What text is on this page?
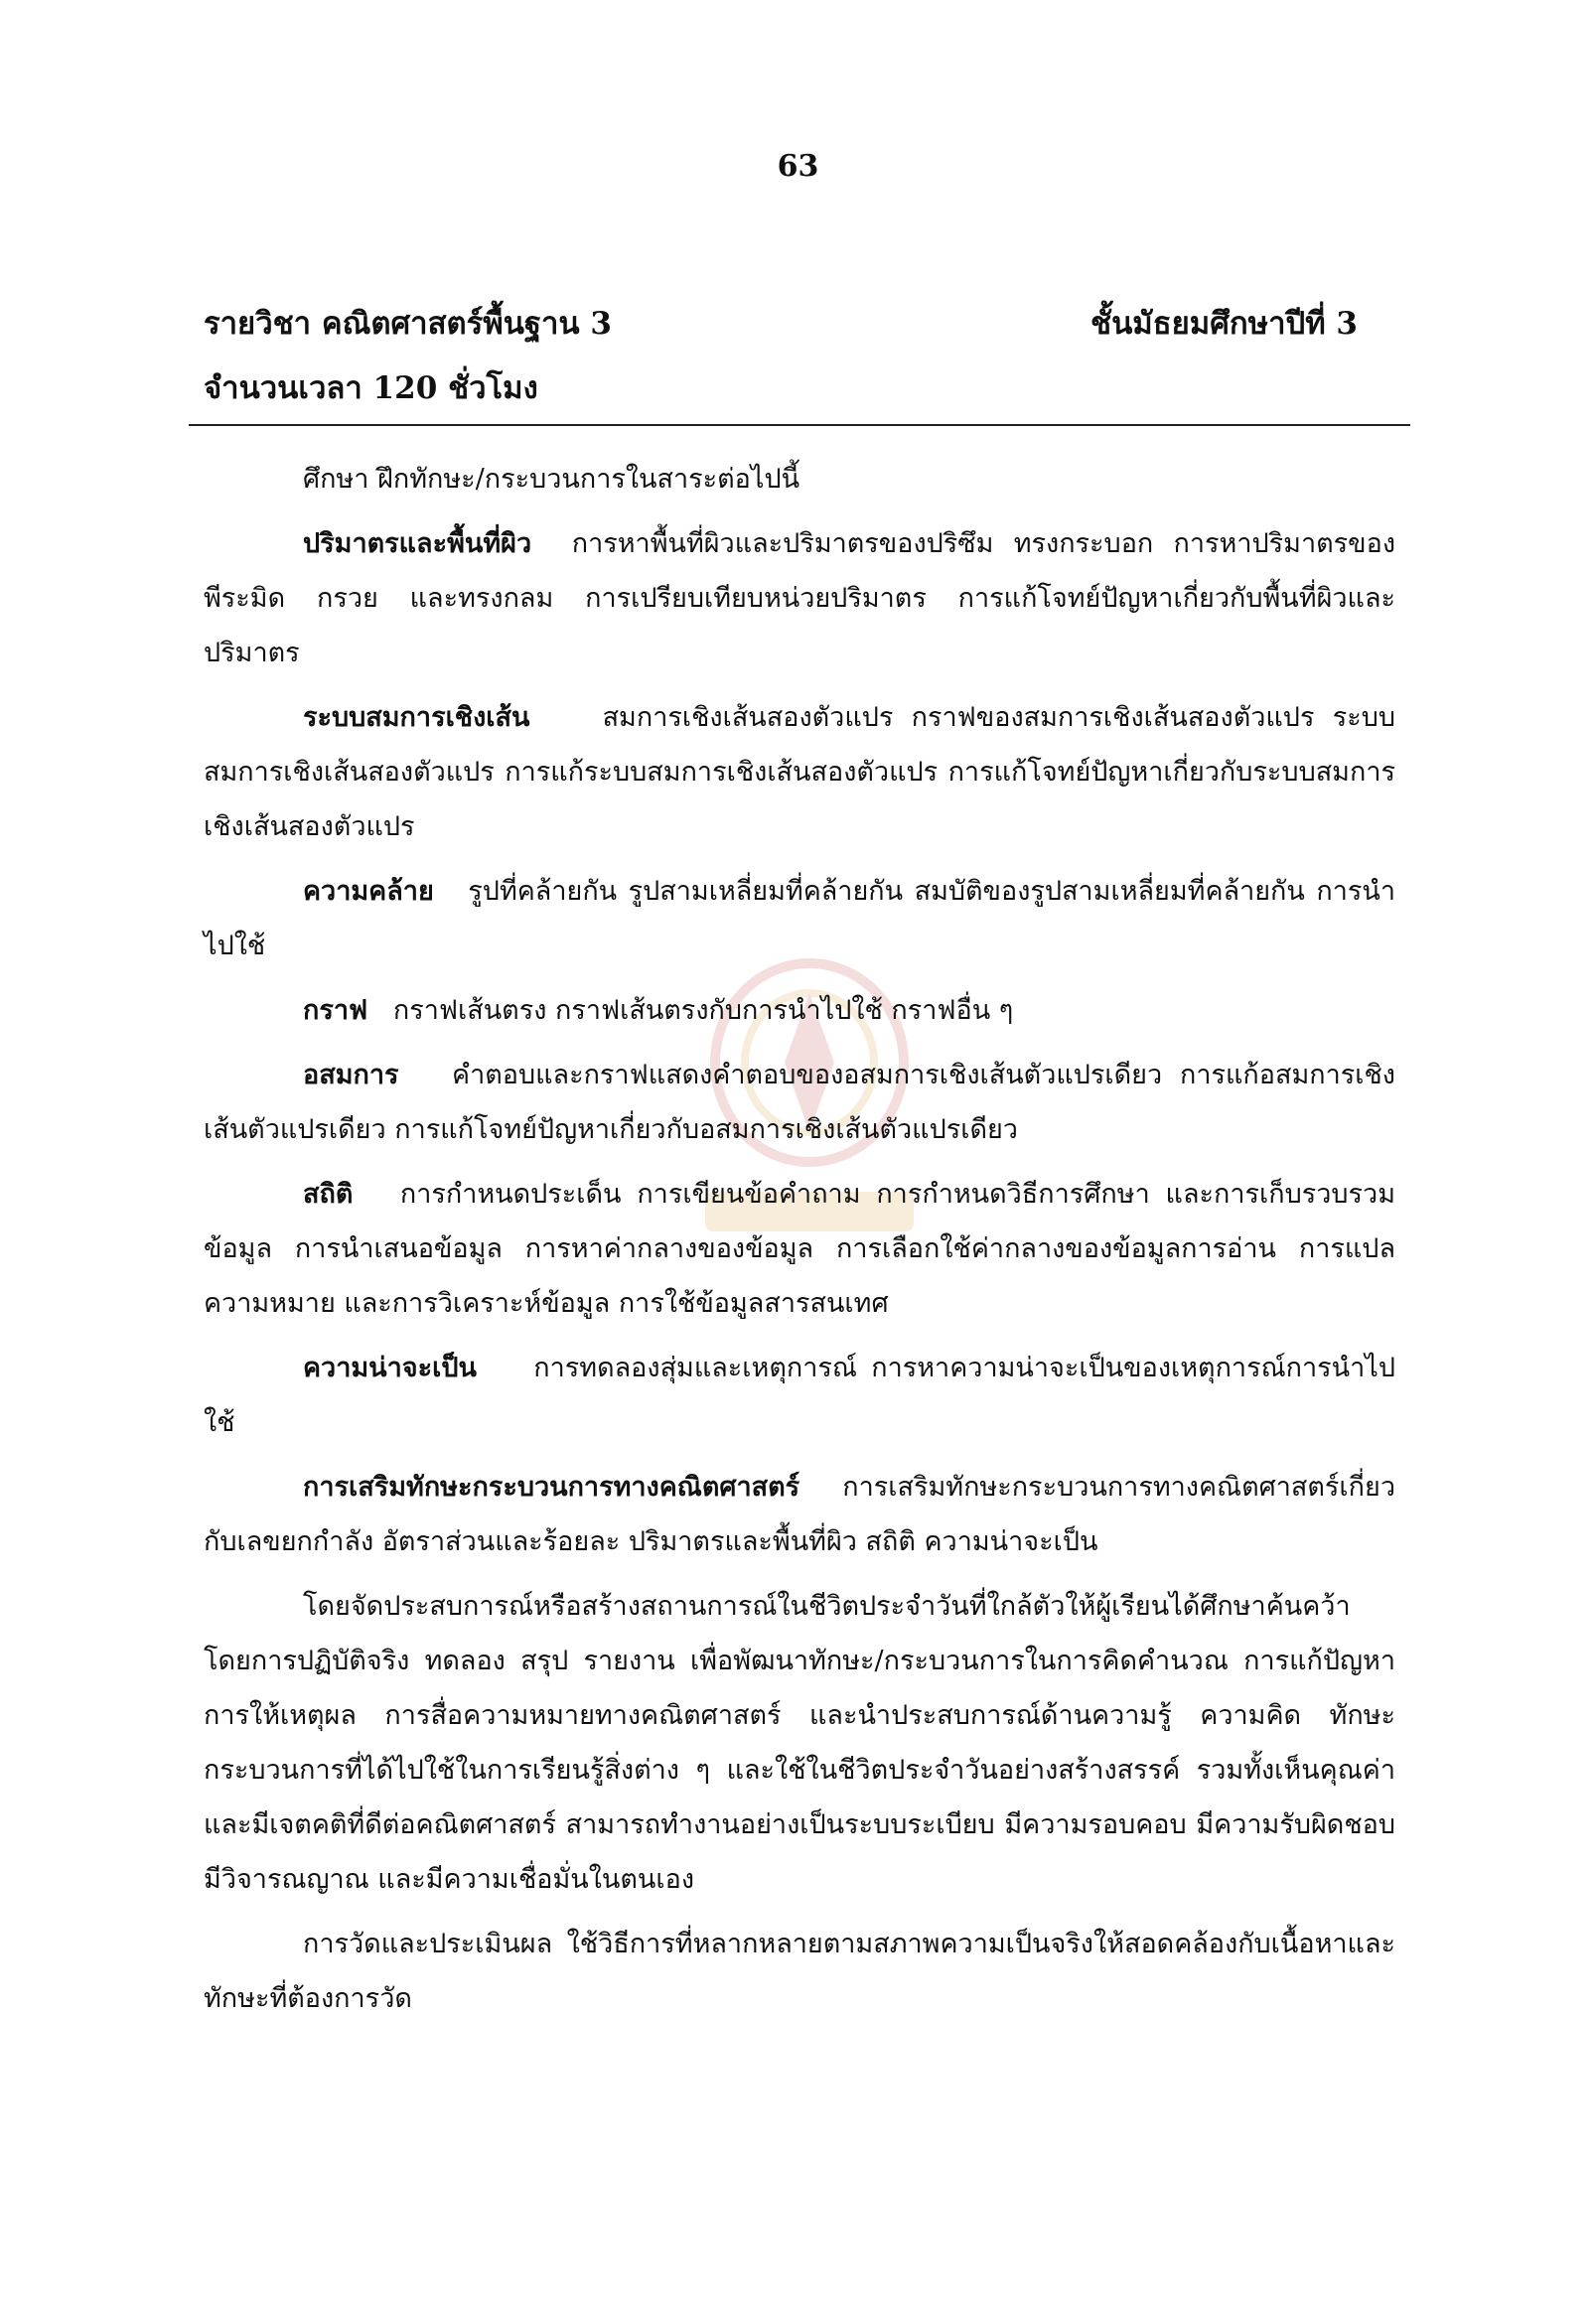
63
รายวิชา คณิตศาสตร์พื้นฐาน 3	ชั้นมัธยมศึกษาปีที่ 3
จำนวนเวลา 120 ชั่วโมง

ศึกษา ฝึกทักษะ/กระบวนการในสาระต่อไปนี้

ปริมาตรและพื้นที่ผิว การหาพื้นที่ผิวและปริมาตรของปริซึม ทรงกระบอก การหาปริมาตรของพีระมิด กรวย และทรงกลม การเปรียบเทียบหน่วยปริมาตร การแก้โจทย์ปัญหาเกี่ยวกับพื้นที่ผิวและปริมาตร

ระบบสมการเชิงเส้น	สมการเชิงเส้นสองตัวแปร กราฟของสมการเชิงเส้นสองตัวแปร ระบบสมการเชิงเส้นสองตัวแปร การแก้ระบบสมการเชิงเส้นสองตัวแปร การแก้โจทย์ปัญหาเกี่ยวกับระบบสมการเชิงเส้นสองตัวแปร

ความคล้าย รูปที่คล้ายกัน รูปสามเหลี่ยมที่คล้ายกัน สมบัติของรูปสามเหลี่ยมที่คล้ายกัน การนำไปใช้

กราฟ กราฟเส้นตรง กราฟเส้นตรงกับการนำไปใช้ กราฟอื่น ๆ

อสมการ คำตอบและกราฟแสดงคำตอบของอสมการเชิงเส้นตัวแปรเดียว การแก้อสมการเชิงเส้นตัวแปรเดียว การแก้โจทย์ปัญหาเกี่ยวกับอสมการเชิงเส้นตัวแปรเดียว

สถิติ การกำหนดประเด็น การเขียนข้อคำถาม การกำหนดวิธีการศึกษา และการเก็บรวบรวมข้อมูล การนำเสนอข้อมูล การหาค่ากลางของข้อมูล การเลือกใช้ค่ากลางของข้อมูลการอ่าน การแปลความหมาย และการวิเคราะห์ข้อมูล การใช้ข้อมูลสารสนเทศ

ความน่าจะเป็น การทดลองสุ่มและเหตุการณ์ การหาความน่าจะเป็นของเหตุการณ์การนำไปใช้

การเสริมทักษะกระบวนการทางคณิตศาสตร์ การเสริมทักษะกระบวนการทางคณิตศาสตร์เกี่ยวกับเลขยกกำลัง อัตราส่วนและร้อยละ ปริมาตรและพื้นที่ผิว สถิติ ความน่าจะเป็น

โดยจัดประสบการณ์หรือสร้างสถานการณ์ในชีวิตประจำวันที่ใกล้ตัวให้ผู้เรียนได้ศึกษาค้นคว้าโดยการปฏิบัติจริง ทดลอง สรุป รายงาน เพื่อพัฒนาทักษะ/กระบวนการในการคิดคำนวณ การแก้ปัญหา การให้เหตุผล การสื่อความหมายทางคณิตศาสตร์ และนำประสบการณ์ด้านความรู้ ความคิด ทักษะกระบวนการที่ได้ไปใช้ในการเรียนรู้สิ่งต่าง ๆ และใช้ในชีวิตประจำวันอย่างสร้างสรรค์ รวมทั้งเห็นคุณค่าและมีเจตคติที่ดีต่อคณิตศาสตร์ สามารถทำงานอย่างเป็นระบบระเบียบ มีความรอบคอบ มีความรับผิดชอบ มีวิจารณญาณ และมีความเชื่อมั่นในตนเอง

การวัดและประเมินผล ใช้วิธีการที่หลากหลายตามสภาพความเป็นจริงให้สอดคล้องกับเนื้อหาและทักษะที่ต้องการวัด
